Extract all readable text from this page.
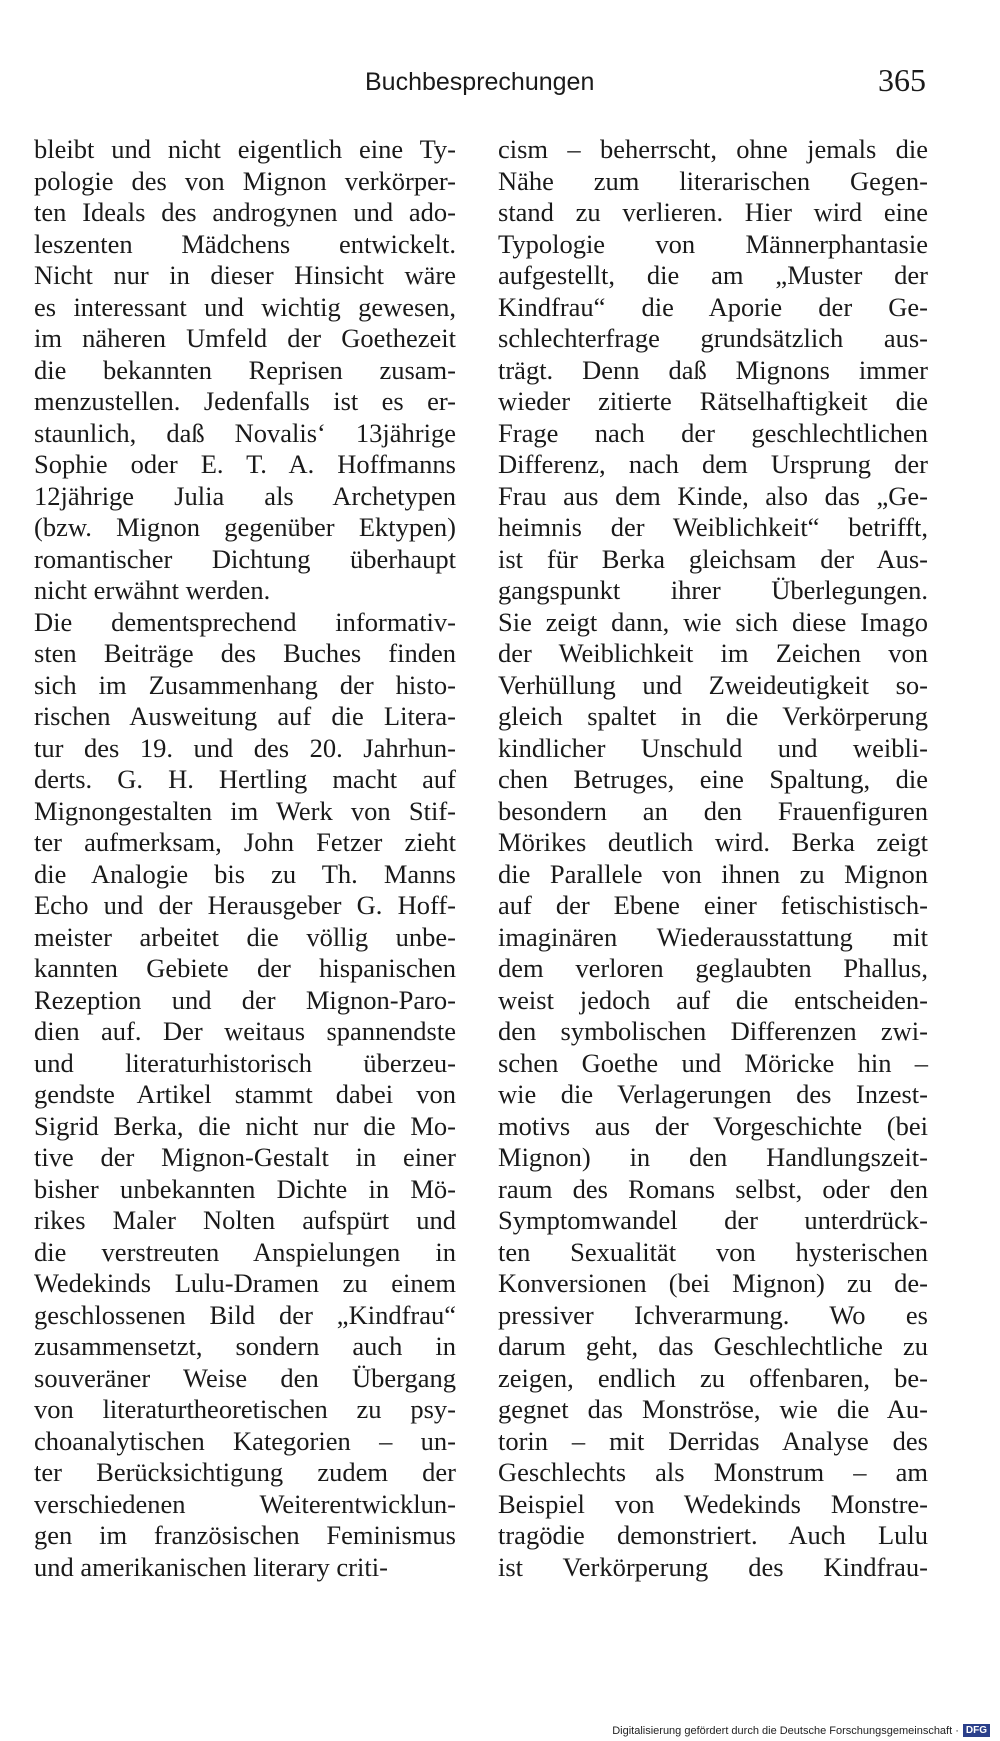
Buchbesprechungen	365
bleibt und nicht eigentlich eine Ty-
pologie des von Mignon verkörper-
ten Ideals des androgynen und ado-
leszenten Mädchens entwickelt.
Nicht nur in dieser Hinsicht wäre
es interessant und wichtig gewesen,
im näheren Umfeld der Goethezeit
die bekannten Reprisen zusam-
menzustellen. Jedenfalls ist es er-
staunlich, daß Novalis‘ 13jährige
Sophie oder E. T. A. Hoffmanns
12jährige Julia als Archetypen
(bzw. Mignon gegenüber Ektypen)
romantischer Dichtung überhaupt
nicht erwähnt werden.
Die dementsprechend informativ-
sten Beiträge des Buches finden
sich im Zusammenhang der histo-
rischen Ausweitung auf die Litera-
tur des 19. und des 20. Jahrhun-
derts. G. H. Hertling macht auf
Mignongestalten im Werk von Stif-
ter aufmerksam, John Fetzer zieht
die Analogie bis zu Th. Manns
Echo und der Herausgeber G. Hoff-
meister arbeitet die völlig unbe-
kannten Gebiete der hispanischen
Rezeption und der Mignon-Paro-
dien auf. Der weitaus spannendste
und literaturhistorisch überzeu-
gendste Artikel stammt dabei von
Sigrid Berka, die nicht nur die Mo-
tive der Mignon-Gestalt in einer
bisher unbekannten Dichte in Mö-
rikes Maler Nolten aufspürt und
die verstreuten Anspielungen in
Wedekinds Lulu-Dramen zu einem
geschlossenen Bild der „Kindfrau“
zusammensetzt, sondern auch in
souveräner Weise den Übergang
von literaturtheoretischen zu psy-
choanalytischen Kategorien – un-
ter Berücksichtigung zudem der
verschiedenen Weiterentwicklun-
gen im französischen Feminismus
und amerikanischen literary criti-
cism – beherrscht, ohne jemals die
Nähe zum literarischen Gegen-
stand zu verlieren. Hier wird eine
Typologie von Männerphantasie
aufgestellt, die am „Muster der
Kindfrau“ die Aporie der Ge-
schlechterfrage grundsätzlich aus-
trägt. Denn daß Mignons immer
wieder zitierte Rätselhaftigkeit die
Frage nach der geschlechtlichen
Differenz, nach dem Ursprung der
Frau aus dem Kinde, also das „Ge-
heimnis der Weiblichkeit“ betrifft,
ist für Berka gleichsam der Aus-
gangspunkt ihrer Überlegungen.
Sie zeigt dann, wie sich diese Imago
der Weiblichkeit im Zeichen von
Verhüllung und Zweideutigkeit so-
gleich spaltet in die Verkörperung
kindlicher Unschuld und weibli-
chen Betruges, eine Spaltung, die
besondern an den Frauenfiguren
Mörikes deutlich wird. Berka zeigt
die Parallele von ihnen zu Mignon
auf der Ebene einer fetischistisch-
imaginären Wiederausstattung mit
dem verloren geglaubten Phallus,
weist jedoch auf die entscheiden-
den symbolischen Differenzen zwi-
schen Goethe und Möricke hin –
wie die Verlagerungen des Inzest-
motivs aus der Vorgeschichte (bei
Mignon) in den Handlungszeit-
raum des Romans selbst, oder den
Symptomwandel der unterdrück-
ten Sexualität von hysterischen
Konversionen (bei Mignon) zu de-
pressiver Ichverarmung. Wo es
darum geht, das Geschlechtliche zu
zeigen, endlich zu offenbaren, be-
gegnet das Monströse, wie die Au-
torin – mit Derridas Analyse des
Geschlechts als Monstrum – am
Beispiel von Wedekinds Monstre-
tragödie demonstriert. Auch Lulu
ist Verkörperung des Kindfrau-
Digitalisierung gefördert durch die Deutsche Forschungsgemeinschaft · DFG
